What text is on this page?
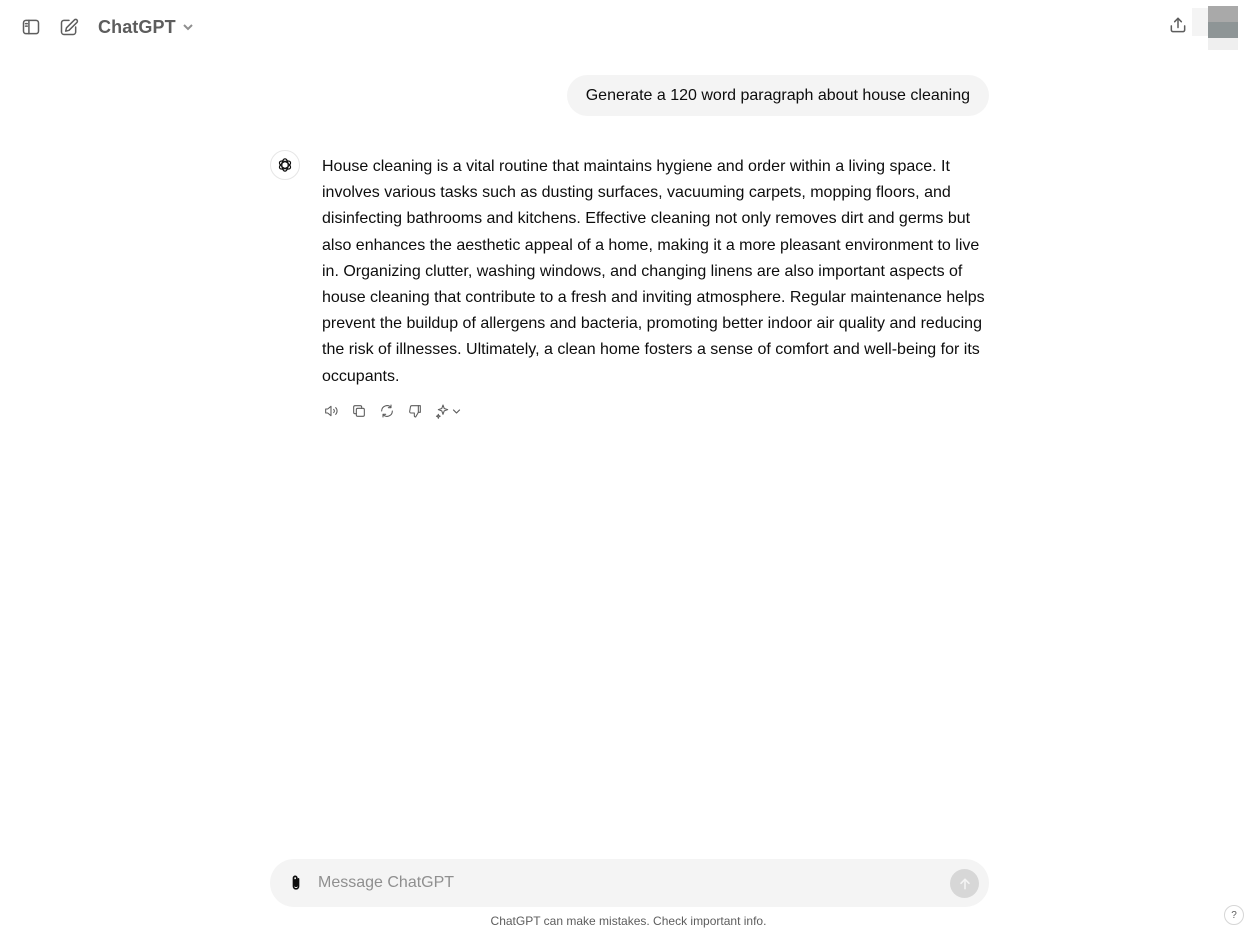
ChatGPT
Generate a 120 word paragraph about house cleaning
House cleaning is a vital routine that maintains hygiene and order within a living space. It involves various tasks such as dusting surfaces, vacuuming carpets, mopping floors, and disinfecting bathrooms and kitchens. Effective cleaning not only removes dirt and germs but also enhances the aesthetic appeal of a home, making it a more pleasant environment to live in. Organizing clutter, washing windows, and changing linens are also important aspects of house cleaning that contribute to a fresh and inviting atmosphere. Regular maintenance helps prevent the buildup of allergens and bacteria, promoting better indoor air quality and reducing the risk of illnesses. Ultimately, a clean home fosters a sense of comfort and well-being for its occupants.
Message ChatGPT
ChatGPT can make mistakes. Check important info.	?
